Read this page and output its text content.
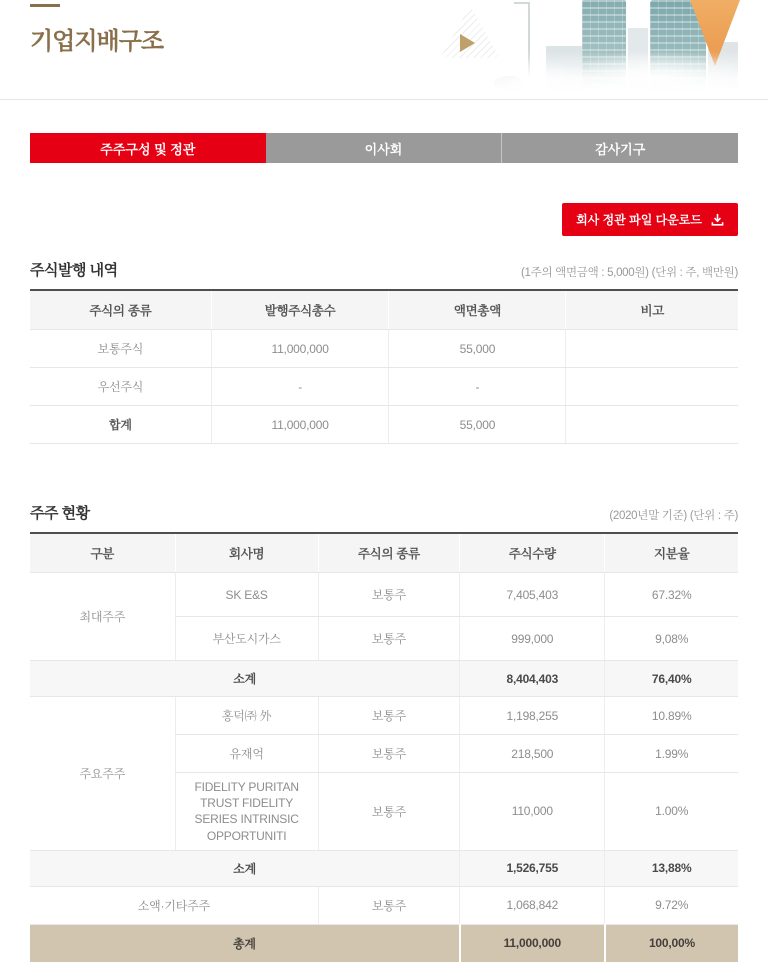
기업지배구조
주주구성 및 정관	이사회	감사기구
회사 정관 파일 다운로드
주식발행 내역	(1주의 액면금액 : 5,000원) (단위 : 주, 백만원)
주식의 종류	발행주식총수	액면총액	비고
보통주식	11,000,000	55,000	
우선주식	-	-	
합계	11,000,000	55,000	
주주 현황	(2020년말 기준) (단위 : 주)
구분	회사명	주식의 종류	주식수량	지분율
최대주주	SK E&S	보통주	7,405,403	67.32%
	부산도시가스	보통주	999,000	9,08%
소계			8,404,403	76,40%
주요주주	홍덕㈜ 外	보통주	1,198,255	10.89%
	유재억	보통주	218,500	1.99%
	FIDELITY PURITAN TRUST FIDELITY SERIES INTRINSIC OPPORTUNITI	보통주	110,000	1.00%
소계			1,526,755	13,88%
소액·기타주주		보통주	1,068,842	9.72%
총계			11,000,000	100,00%
